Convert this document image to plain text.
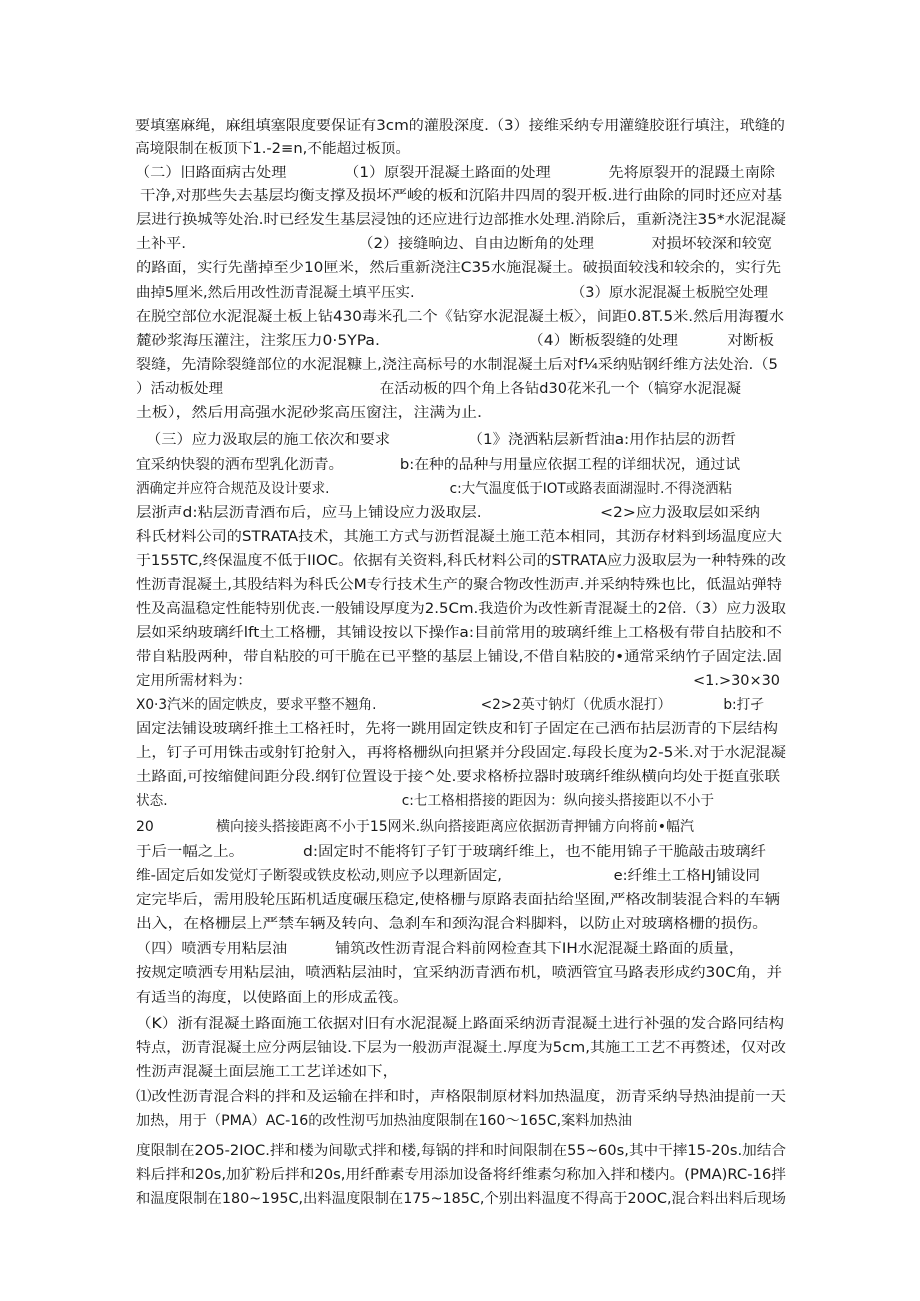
要填塞麻绳，麻组填塞限度要保证有3cm的灌股深度.（3）接维采纳专用灌缝胶诳行填注，玳缝的
高境限制在板顶下1.-2≡n,不能超过板顶。
（二）旧路面病古处理            （1）原裂开混凝土路面的处理            先将原裂开的混蹑土南除
干净,对那些失去基层均衡支撑及损坏严峻的板和沉陷井四周的裂开板.进行曲除的同时还应对基
层进行换城等处治.时已经发生基层浸蚀的还应进行边部推水处理.消除后，重新浇注35*水泥混凝
土补平.                                    （2）接缝晌边、自由边断角的处理            对损坏较深和较宽
的路面，实行先凿掉至少10匣米，然后重新浇注C35水施混凝土。破损面较浅和较余的，实行先
曲掉5厘米,然后用改性沥青混凝土填平压实.                                  （3）原水泥混凝土板脱空处理
在脱空部位水泥混凝土板上钻430毒米孔二个《钻穿水泥混凝土板〉，间距0.8T.5米.然后用海覆水
麓砂浆海压灌注，注浆压力0·5YPa.                              （4）断板裂缝的处理          对断板
裂缝，先清除裂缝部位的水泥混糠上,浇注高标号的水制混凝土后对f¼采纳贴钢纤维方法处治.（5
）活动板处理                                  在活动板的四个角上各钻d30花米孔一个（犒穿水泥混凝
土板），然后用高强水泥砂浆高压窗注，注满为止.
（三）应力汲取层的施工依次和要求                （1》浇洒粘层新哲油a:用作拈层的沥哲
宜采纳快裂的洒布型乳化沥青。            b:在种的品种与用量应依据工程的详细状况，通过试
洒确定并应符合规范及设计要求.                            c:大气温度低于IOT或路表面湖湿时.不得浇洒粘
层浙声d:粘层沥青酒布后，应马上铺设应力汲取层.                        <2>应力汲取层如采纳
科氏材料公司的STRATA技术，其施工方式与沥哲混凝土施工范本相同，其沥存材料到场温度应大
于155TC,终保温度不低于IIOC。依据有关资料,科氏材料公司的STRATA应力汲取层为一种特殊的改
性沥青混凝土,其股结料为科氏公M专行技术生产的聚合物改性沥声.并采纳特殊也比，低温站弹特
性及高温稳定性能特别优丧.一般铺设厚度为2.5Cm.我造价为改性新青混凝土的2倍.（3）应力汲取
层如采纳玻璃纤lft土工格栅，其铺设按以下操作a:目前常用的玻璃纤维上工格极有带自拈胶和不
带自粘股两种，带自粘胶的可干脆在已平整的基层上铺设,不借自粘胶的•通常采纳竹子固定法.固
定用所需材料为：                                                                                                <1.>30×30
X0·3汽米的固定帙皮，要求平整不翘角.                        <2>2英寸钠灯（优质水混打）            b:打孑
固定法铺设玻璃纤推土工格衽时，先将一跳用固定铁皮和钉子固定在己洒布拈层沥青的下层结构
上，钉子可用铢击或射钉抢射入，再将格栅纵向担紧并分段固定.每段长度为2-5米.对于水泥混凝
土路面,可按缩健间距分段.纲钉位置设于接^处.要求格桥拉器时玻璃纤维纵横向均处于挺直张联
状态.                                                      c:七工格相搭接的距因为：纵向接头搭接距以不小于
20              横向接头搭接距离不小于15网米.纵向搭接距离应依据沥青押铺方向将前•幅汽
于后一幅之上。            d:固定时不能将钉子钉于玻璃纤维上，也不能用锦子干脆敲击玻璃纤
维-固定后如发觉灯子断裂或铁皮松动,则应予以理新固定,                        e:纤维土工格HJ铺设同
定完毕后，需用股轮压跖机适度碾压稳定,使格栅与原路表面拈给坚囿,严格改制装混合料的车辆
出入，在格栅层上严禁车辆及转向、急刹车和颈沟混合料脚料，以防止对玻璃格栅的损伤。
（四）喷洒专用粘层油          铺筑改性沥青混合料前网检查其下IH水泥混凝土路面的质量，
按规定喷洒专用粘层油，喷洒粘层油时，宜采纳沥青洒布机，喷洒管宜马路表形成约30C角，并
有适当的海度，以使路面上的形成孟筏。
（K）浙有混凝土路面施工依据对旧有水泥混凝上路面采纳沥青混凝土进行补强的发合路冋结构
特点，沥青混凝土应分两层铀设.下层为一般沥声混凝土.厚度为5cm,其施工工艺不再赘述，仅对改
性沥声混凝土面层施工工艺详述如下，
⑴改性沥青混合料的拌和及运输在拌和时，声格限制原材料加热温度，沥青采纳导热油提前一天
加热，用于（PMA）AC-16的改性沏丐加热油度限制在160〜165C,案料加热油
度限制在2O5-2IOC.拌和楼为间歇式拌和楼,每锅的拌和时间限制在55~60s,其中干摔15-20s.加结合
料后拌和20s,加犷粉后拌和20s,用纤酢素专用添加设备将纤维素匀称加入拌和楼内。(PMA)RC-16拌
和温度限制在180~195C,出料温度限制在175~185C,个别出料温度不得高于20OC,混合料出料后现场
